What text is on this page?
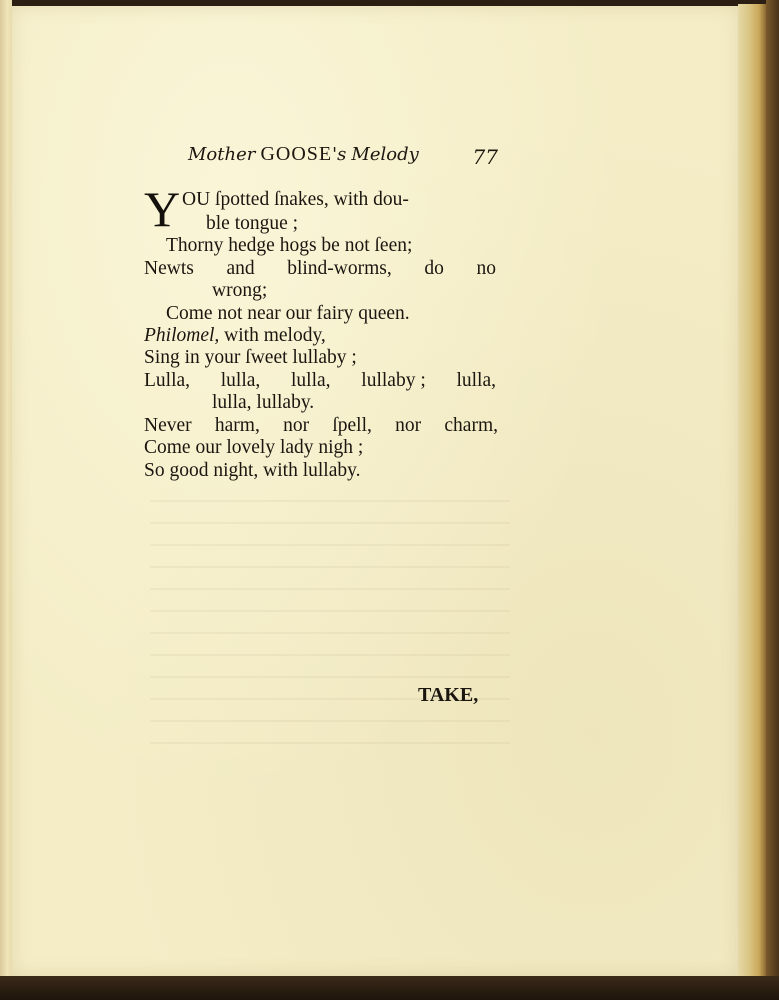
Mother GOOSE's Melody	77
Y OU ſpotted ſnakes, with dou-
ble tongue ;
Thorny hedge hogs be not ſeen;
Newts and blind-worms, do no
wrong;
Come not near our fairy queen.
Philomel, with melody,
Sing in your ſweet lullaby ;
Lulla, lulla, lulla, lullaby ; lulla,
lulla, lullaby.
Never harm, nor ſpell, nor charm,
Come our lovely lady nigh ;
So good night, with lullaby.
TAKE,
